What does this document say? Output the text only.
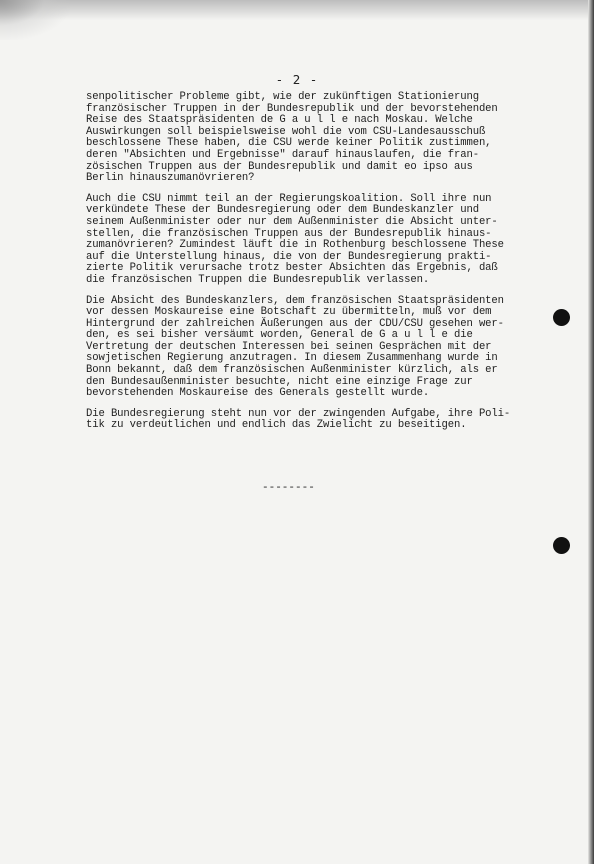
- 2 -

senpolitischer Probleme gibt, wie der zukünftigen Stationierung
französischer Truppen in der Bundesrepublik und der bevorstehenden
Reise des Staatspräsidenten de G a u l l e nach Moskau. Welche
Auswirkungen soll beispielsweise wohl die vom CSU-Landesausschuß
beschlossene These haben, die CSU werde keiner Politik zustimmen,
deren "Absichten und Ergebnisse" darauf hinauslaufen, die fran-
zösischen Truppen aus der Bundesrepublik und damit eo ipso aus
Berlin hinauszumanövrieren?

Auch die CSU nimmt teil an der Regierungskoalition. Soll ihre nun
verkündete These der Bundesregierung oder dem Bundeskanzler und
seinem Außenminister oder nur dem Außenminister die Absicht unter-
stellen, die französischen Truppen aus der Bundesrepublik hinaus-
zumanövrieren? Zumindest läuft die in Rothenburg beschlossene These
auf die Unterstellung hinaus, die von der Bundesregierung prakti-
zierte Politik verursache trotz bester Absichten das Ergebnis, daß
die französischen Truppen die Bundesrepublik verlassen.

Die Absicht des Bundeskanzlers, dem französischen Staatspräsidenten
vor dessen Moskaureise eine Botschaft zu übermitteln, muß vor dem
Hintergrund der zahlreichen Äußerungen aus der CDU/CSU gesehen wer-
den, es sei bisher versäumt worden, General de G a u l l e die
Vertretung der deutschen Interessen bei seinen Gesprächen mit der
sowjetischen Regierung anzutragen. In diesem Zusammenhang wurde in
Bonn bekannt, daß dem französischen Außenminister kürzlich, als er
den Bundesaußenminister besuchte, nicht eine einzige Frage zur
bevorstehenden Moskaureise des Generals gestellt wurde.

Die Bundesregierung steht nun vor der zwingenden Aufgabe, ihre Poli-
tik zu verdeutlichen und endlich das Zwielicht zu beseitigen.

--------
